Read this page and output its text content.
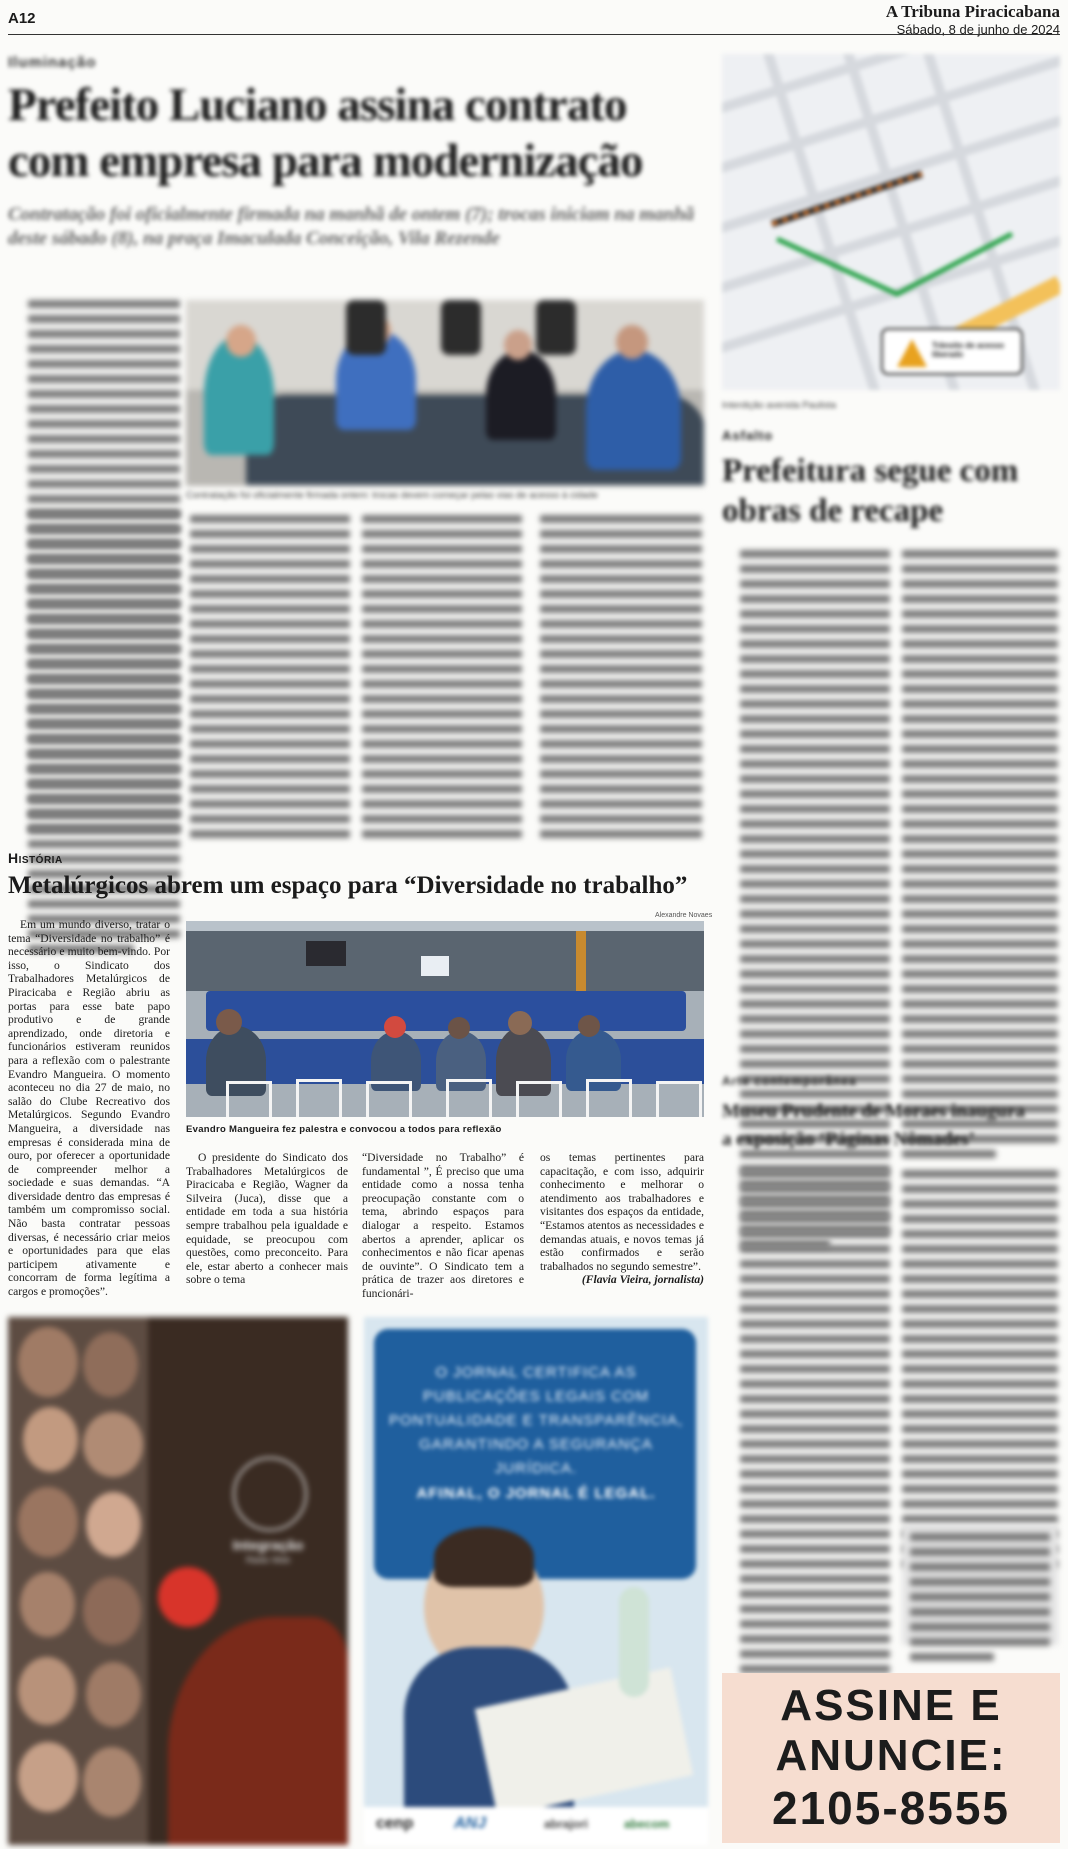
A12	A Tribuna Piracicabana
Sábado, 8 de junho de 2024
Iluminação
Prefeito Luciano assina contrato
com empresa para modernização
Contratação foi oficialmente firmada na manhã de ontem (7); trocas iniciam na manhã deste sábado (8), na praça Imaculada Conceição, Vila Rezende
Contratação foi oficialmente firmada ontem: trocas devem começar pelas vias de acesso à cidade
Trânsito de acesso liberado
Interdição avenida Paulista
Asfalto
Prefeitura segue com
obras de recape
História
Metalúrgicos abrem um espaço para “Diversidade no trabalho”
Em um mundo diverso, tratar o tema “Diversidade no trabalho” é necessário e muito bem-vindo. Por isso, o Sindicato dos Trabalhadores Metalúrgicos de Piracicaba e Região abriu as portas para esse bate papo produtivo e de grande aprendizado, onde diretoria e funcionários estiveram reunidos para a reflexão com o palestrante Evandro Mangueira. O momento aconteceu no dia 27 de maio, no salão do Clube Recreativo dos Metalúrgicos. Segundo Evandro Mangueira, a diversidade nas empresas é considerada mina de ouro, por oferecer a oportunidade de compreender melhor a sociedade e suas demandas. “A diversidade dentro das empresas é também um compromisso social. Não basta contratar pessoas diversas, é necessário criar meios e oportunidades para que elas participem ativamente e concorram de forma legítima a cargos e promoções”.
Alexandre Novaes
Evandro Mangueira fez palestra e convocou a todos para reflexão
O presidente do Sindicato dos Trabalhadores Metalúrgicos de Piracicaba e Região, Wagner da Silveira (Juca), disse que a entidade em toda a sua história sempre trabalhou pela igualdade e equidade, se preocupou com questões, como preconceito. Para ele, estar aberto a conhecer mais sobre o tema
“Diversidade no Trabalho” é fundamental ”, É preciso que uma entidade como a nossa tenha preocupação constante com o tema, abrindo espaços para dialogar a respeito. Estamos abertos a aprender, aplicar os conhecimentos e não ficar apenas de ouvinte”. O Sindicato tem a prática de trazer aos diretores e funcionári-
os temas pertinentes para capacitação, e com isso, adquirir conhecimento e melhorar o atendimento aos trabalhadores e visitantes dos espaços da entidade, “Estamos atentos as necessidades e demandas atuais, e novos temas já estão confirmados e serão trabalhados no segundo semestre”.
(Flavia Vieira, jornalista)
Arte contemporânea
Museu Prudente de Moraes inaugura
a exposição ‘Páginas Nômades’
Integração
Rádio Web
O JORNAL CERTIFICA AS PUBLICAÇÕES LEGAIS COM PONTUALIDADE E TRANSPARÊNCIA, GARANTINDO A SEGURANÇA JURÍDICA.
AFINAL, O JORNAL É LEGAL.
cenp	ANJ	abrajori	abecom
ASSINE E
ANUNCIE:
2105-8555
